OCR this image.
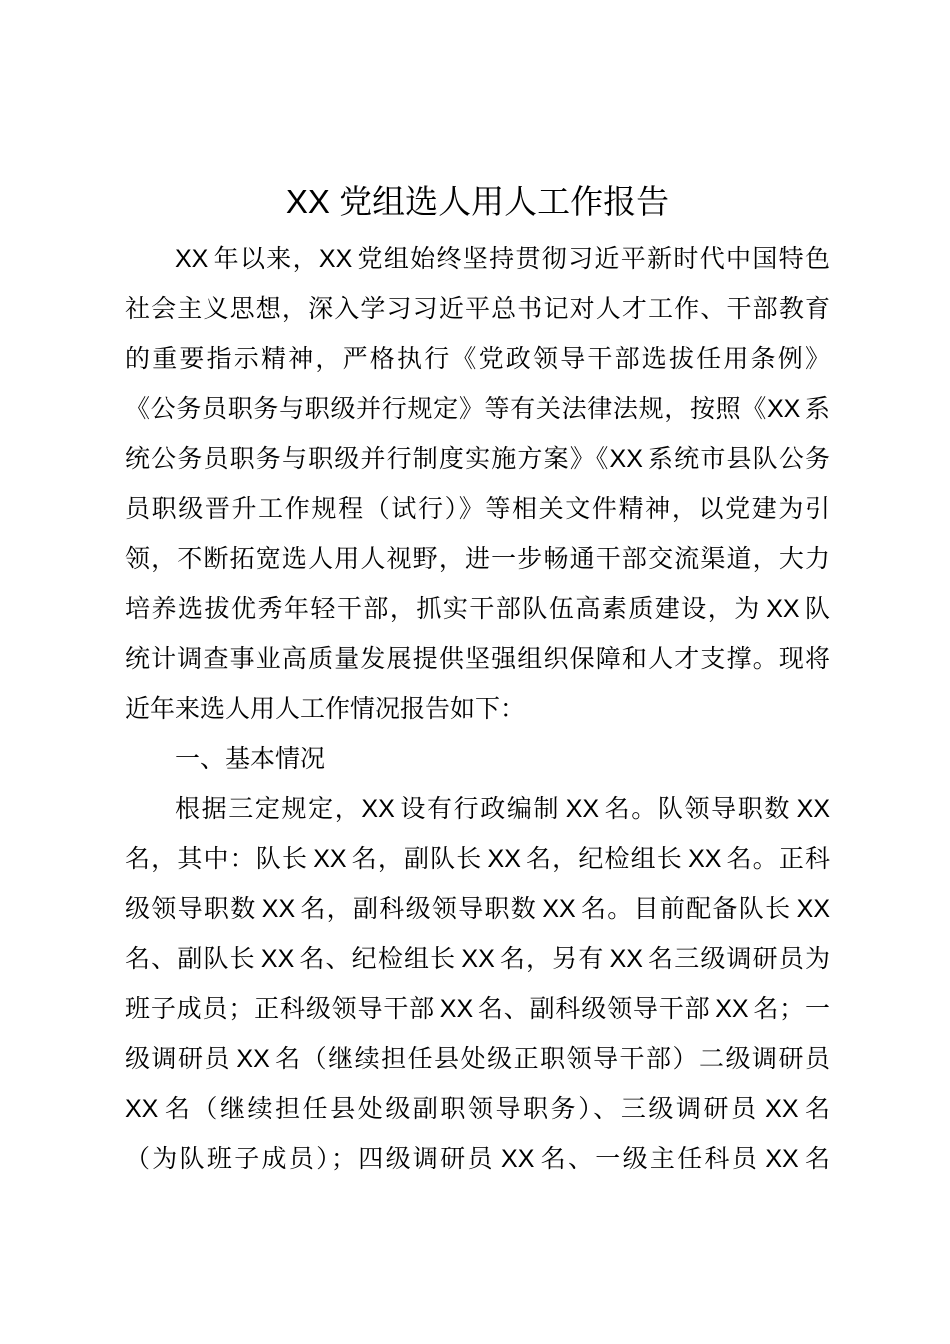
XX 党组选人用人工作报告
XX 年以来，XX 党组始终坚持贯彻习近平新时代中国特色
社会主义思想，深入学习习近平总书记对人才工作、干部教育
的重要指示精神，严格执行《党政领导干部选拔任用条例》
《公务员职务与职级并行规定》等有关法律法规，按照《XX 系
统公务员职务与职级并行制度实施方案》《XX 系统市县队公务
员职级晋升工作规程（试行）》等相关文件精神，以党建为引
领，不断拓宽选人用人视野，进一步畅通干部交流渠道，大力
培养选拔优秀年轻干部，抓实干部队伍高素质建设，为 XX 队
统计调查事业高质量发展提供坚强组织保障和人才支撑。现将
近年来选人用人工作情况报告如下：
一、基本情况
根据三定规定，XX 设有行政编制 XX 名。队领导职数 XX
名，其中：队长 XX 名，副队长 XX 名，纪检组长 XX 名。正科
级领导职数 XX 名，副科级领导职数 XX 名。目前配备队长 XX
名、副队长 XX 名、纪检组长 XX 名，另有 XX 名三级调研员为
班子成员；正科级领导干部 XX 名、副科级领导干部 XX 名；一
级调研员 XX 名（继续担任县处级正职领导干部）二级调研员
XX 名（继续担任县处级副职领导职务）、三级调研员 XX 名
（为队班子成员）；四级调研员 XX 名、一级主任科员 XX 名
